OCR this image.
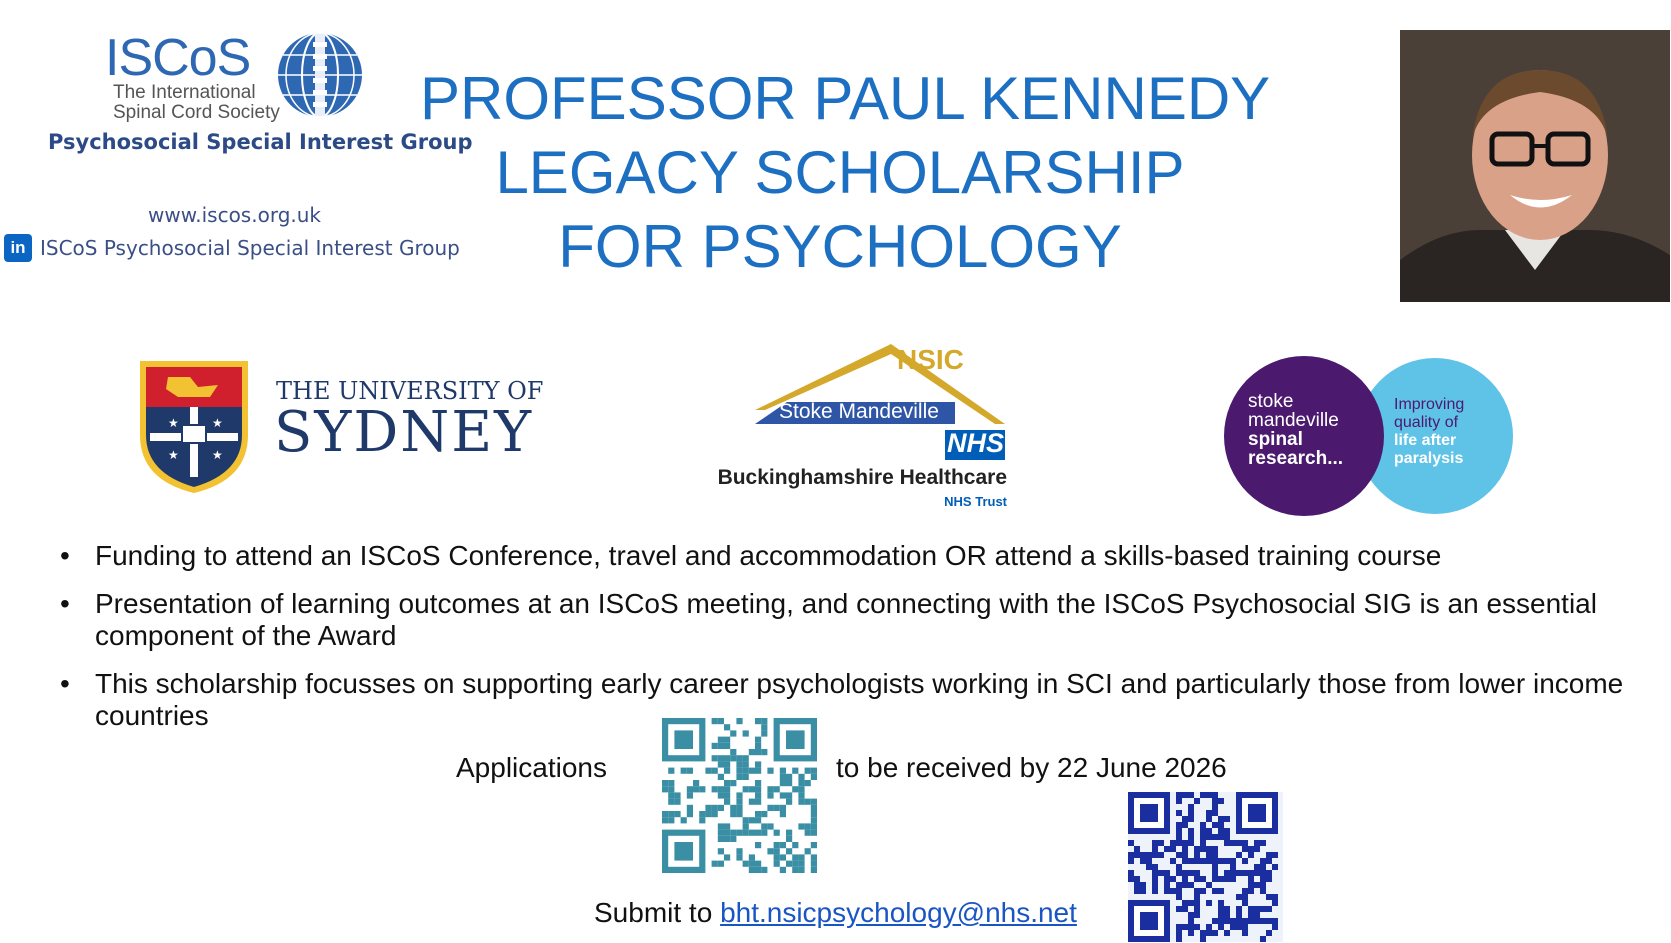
ISCoS
The International
Spinal Cord Society
Psychosocial Special Interest Group
www.iscos.org.uk
in ISCoS Psychosocial Special Interest Group
PROFESSOR PAUL KENNEDY
LEGACY SCHOLARSHIP
FOR PSYCHOLOGY
★	★
★	★
THE UNIVERSITY OF
SYDNEY
NSIC
Stoke Mandeville
NHS
Buckinghamshire Healthcare
NHS Trust
stoke
mandeville
spinal
research...
Improving
quality of
life after
paralysis
• Funding to attend an ISCoS Conference, travel and accommodation OR attend a skills-based training course
• Presentation of learning outcomes at an ISCoS meeting, and connecting with the ISCoS Psychosocial SIG is an essential component of the Award
• This scholarship focusses on supporting early career psychologists working in SCI and particularly those from lower income countries
Applications	to be received by 22 June 2026
Submit to bht.nsicpsychology@nhs.net
